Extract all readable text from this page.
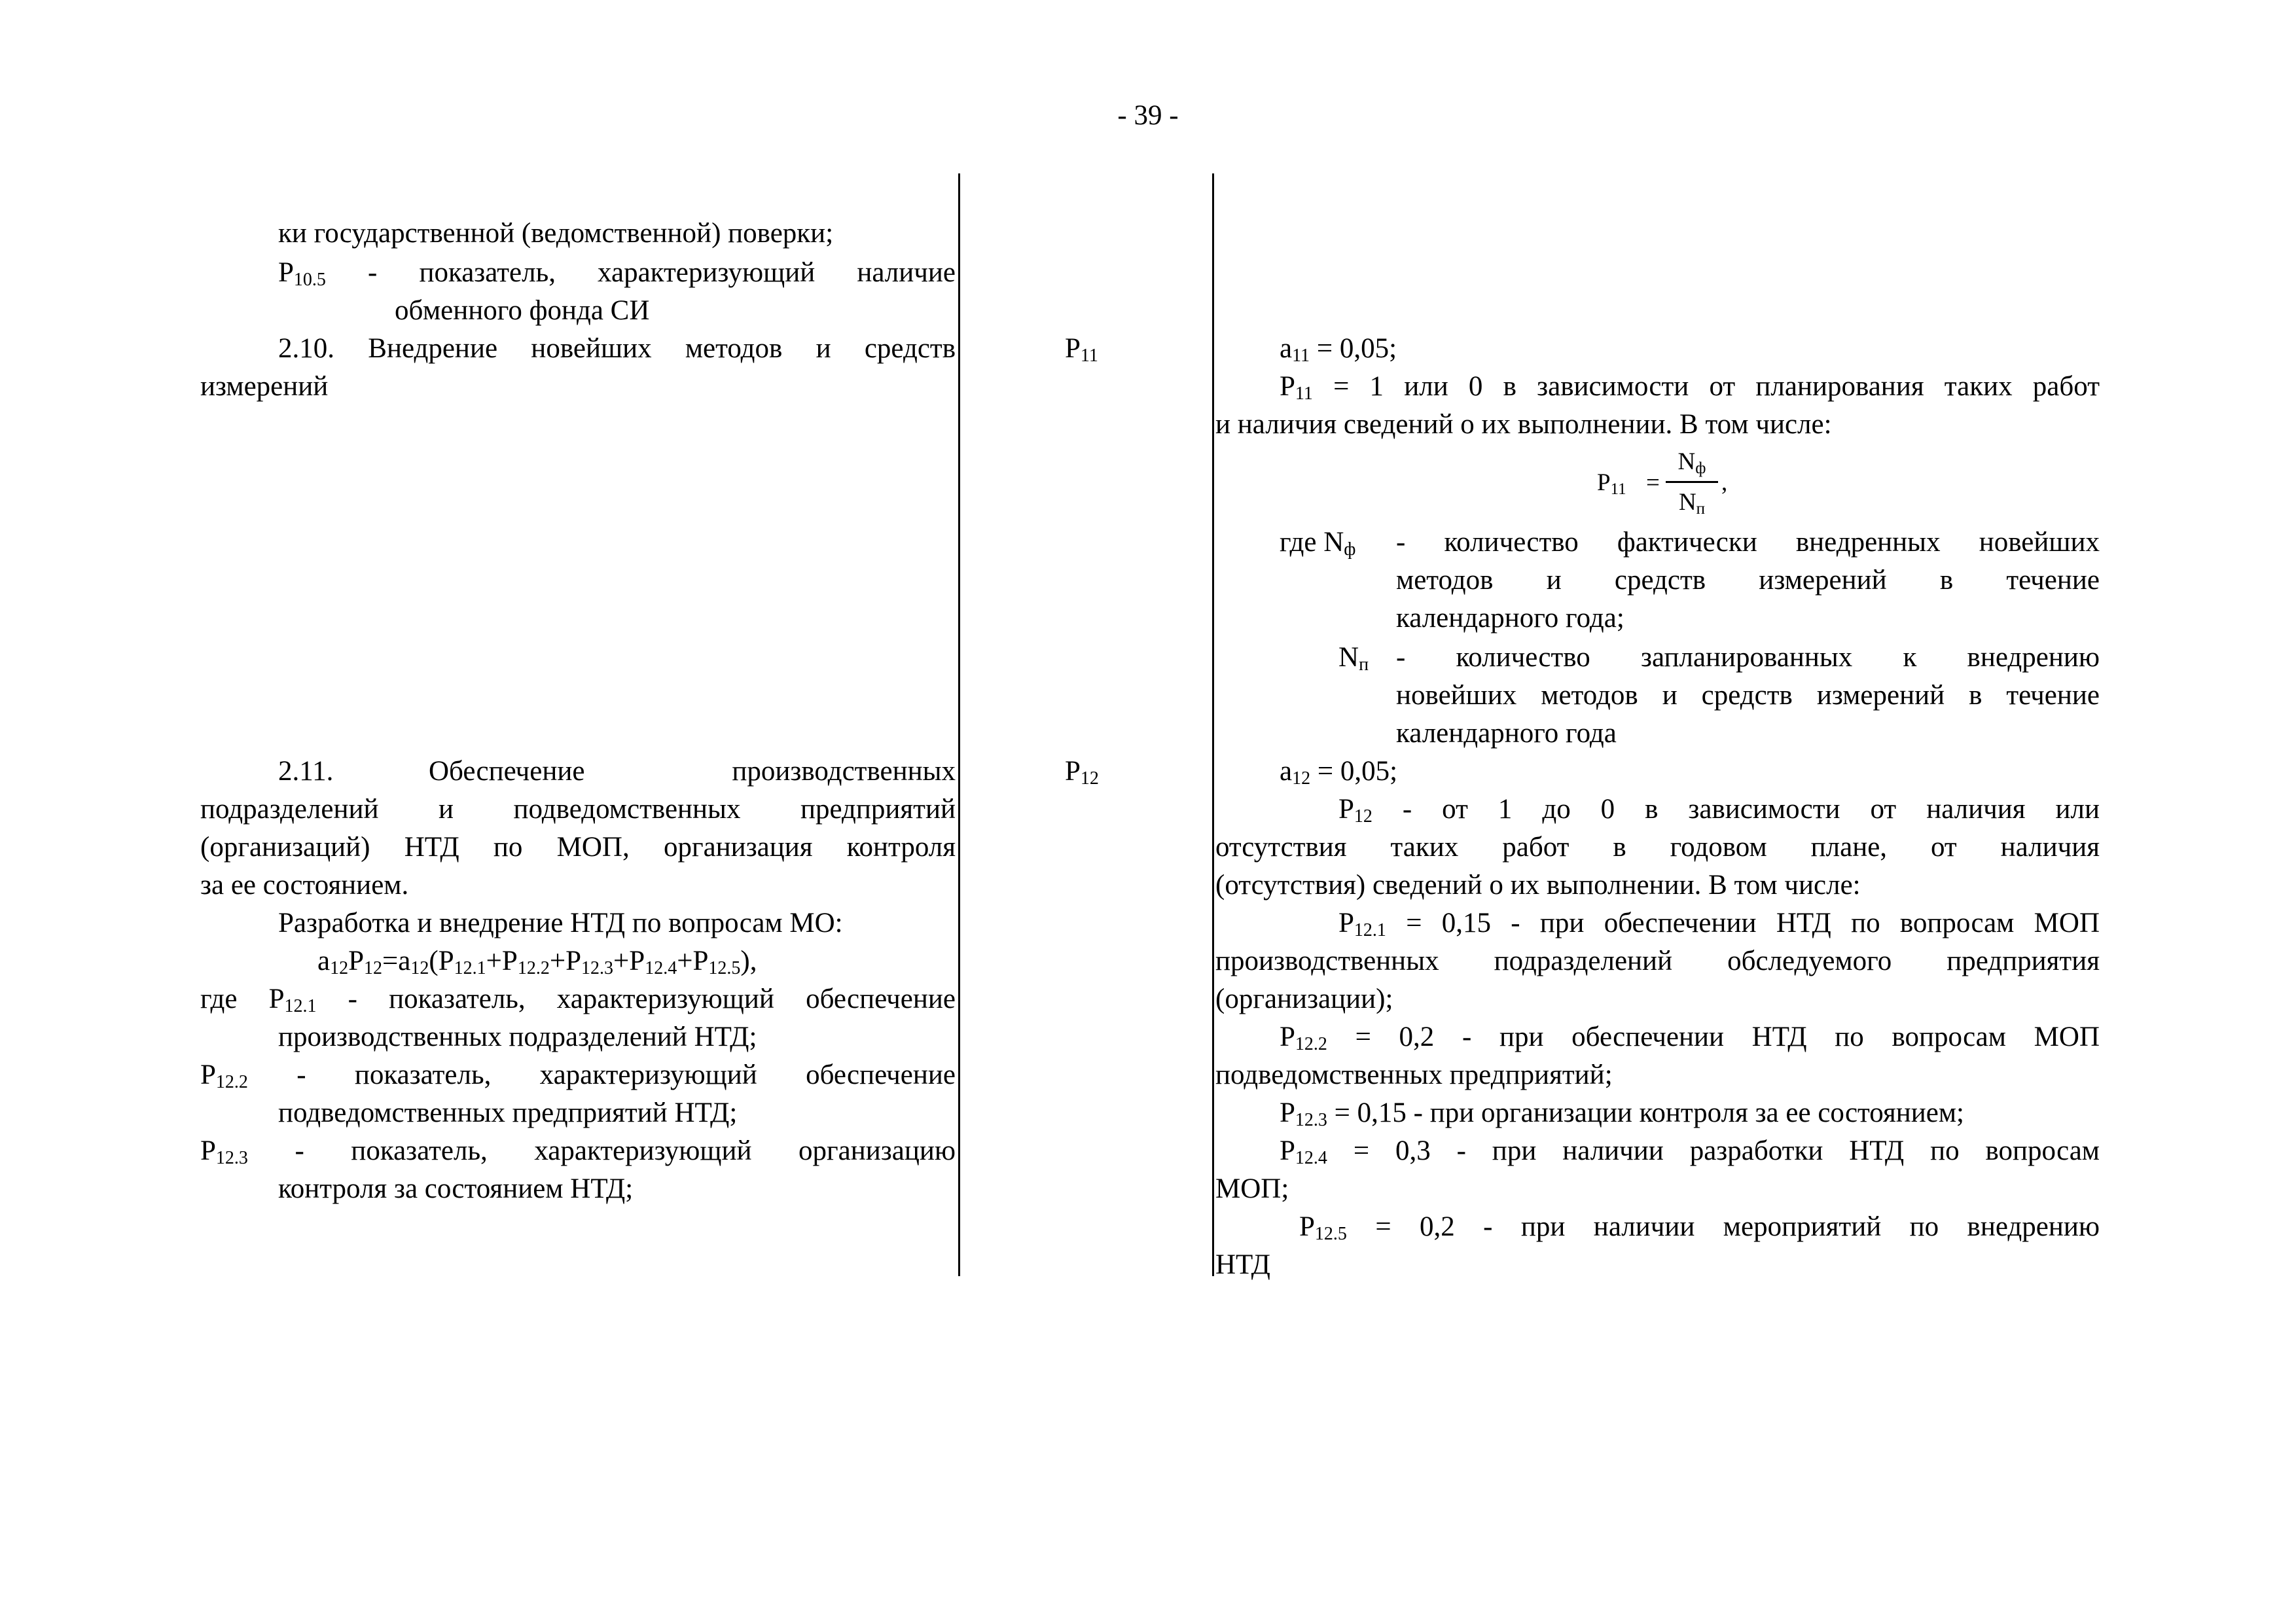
- 39 -
ки государственной (ведомственной) поверки;
$Р_{10.5}$ - показатель, характеризующий наличие
обменного фонда СИ
2.10. Внедрение новейших методов и средств
измерений
2.11.	Обеспечение	производственных
подразделений и подведомственных предприятий
(организаций) НТД по МОП, организация контроля
за ее состоянием.
Разработка и внедрение НТД по вопросам МО:
$a_{12}Р_{12}=a_{12}(Р_{12.1}+Р_{12.2}+Р_{12.3}+Р_{12.4}+Р_{12.5})$,
где $Р_{12.1}$ - показатель, характеризующий обеспечение
производственных подразделений НТД;
$Р_{12.2}$ - показатель, характеризующий обеспечение
подведомственных предприятий НТД;
$Р_{12.3}$ - показатель, характеризующий организацию
контроля за состоянием НТД;
$Р_{11}$
$Р_{12}$
$а_{11} = 0,05$;
$Р_{11} = 1$ или 0 в зависимости от планирования таких работ
и наличия сведений о их выполнении. В том числе:
$Р_{11}$ =
$N_ф$
$N_п$
,
где $N_ф$ - количество фактически внедренных новейших
методов и средств измерений в течение
календарного года;
$N_п$ - количество запланированных к внедрению
новейших методов и средств измерений в течение
календарного года
$а_{12} = 0,05$;
$Р_{12}$ - от 1 до 0 в зависимости от наличия или
отсутствия таких работ в годовом плане, от наличия
(отсутствия) сведений о их выполнении. В том числе:
$Р_{12.1} = 0,15$ - при обеспечении НТД по вопросам МОП
производственных подразделений обследуемого предприятия
(организации);
$Р_{12.2} = 0,2$ - при обеспечении НТД по вопросам МОП
подведомственных предприятий;
$Р_{12.3} = 0,15$ - при организации контроля за ее состоянием;
$Р_{12.4} = 0,3$ - при наличии разработки НТД по вопросам
МОП;
$Р_{12.5} = 0,2$ - при наличии мероприятий по внедрению
НТД
